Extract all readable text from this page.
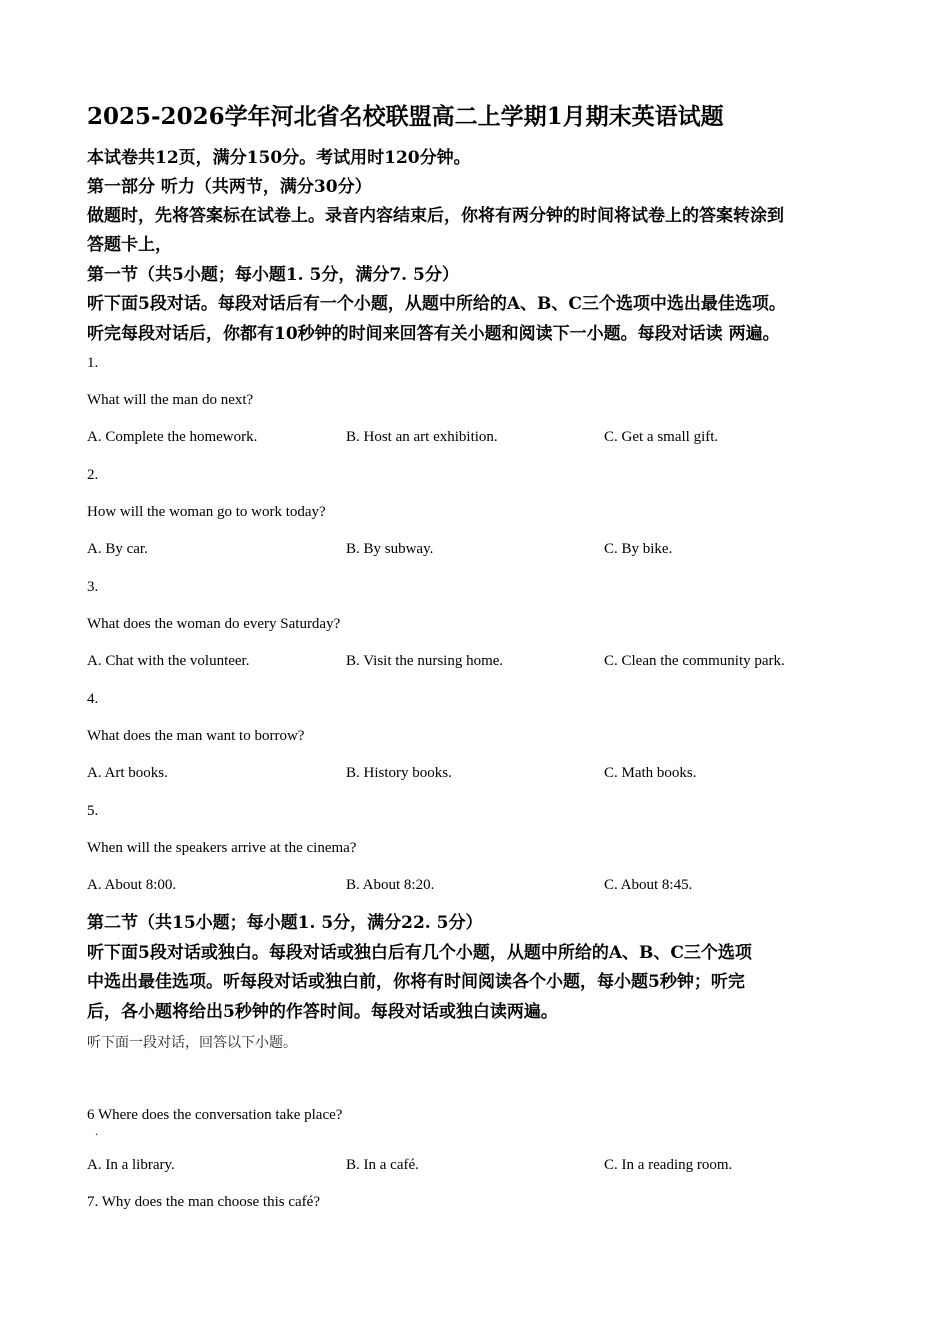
2025-2026学年河北省名校联盟高二上学期1月期末英语试题
本试卷共12页，满分150分。考试用时120分钟。
第一部分 听力（共两节，满分30分）
做题时，先将答案标在试卷上。录音内容结束后，你将有两分钟的时间将试卷上的答案转涂到
答题卡上，
第一节（共5小题；每小题1. 5分，满分7. 5分）
听下面5段对话。每段对话后有一个小题，从题中所给的A、B、C三个选项中选出最佳选项。
听完每段对话后，你都有10秒钟的时间来回答有关小题和阅读下一小题。每段对话读 两遍。
1.
What will the man do next?
A. Complete the homework.	B. Host an art exhibition.	C. Get a small gift.
2.
How will the woman go to work today?
A. By car.	B. By subway.	C. By bike.
3.
What does the woman do every Saturday?
A. Chat with the volunteer.	B. Visit the nursing home.	C. Clean the community park.
4.
What does the man want to borrow?
A. Art books.	B. History books.	C. Math books.
5.
When will the speakers arrive at the cinema?
A. About 8:00.	B. About 8:20.	C. About 8:45.
第二节（共15小题；每小题1. 5分，满分22. 5分）
听下面5段对话或独白。每段对话或独白后有几个小题，从题中所给的A、B、C三个选项
中选出最佳选项。听每段对话或独白前，你将有时间阅读各个小题，每小题5秒钟；听完
后，各小题将给出5秒钟的作答时间。每段对话或独白读两遍。
听下面一段对话，回答以下小题。
6 Where does the conversation take place?
.
A. In a library.	B. In a café.	C. In a reading room.
7. Why does the man choose this café?
